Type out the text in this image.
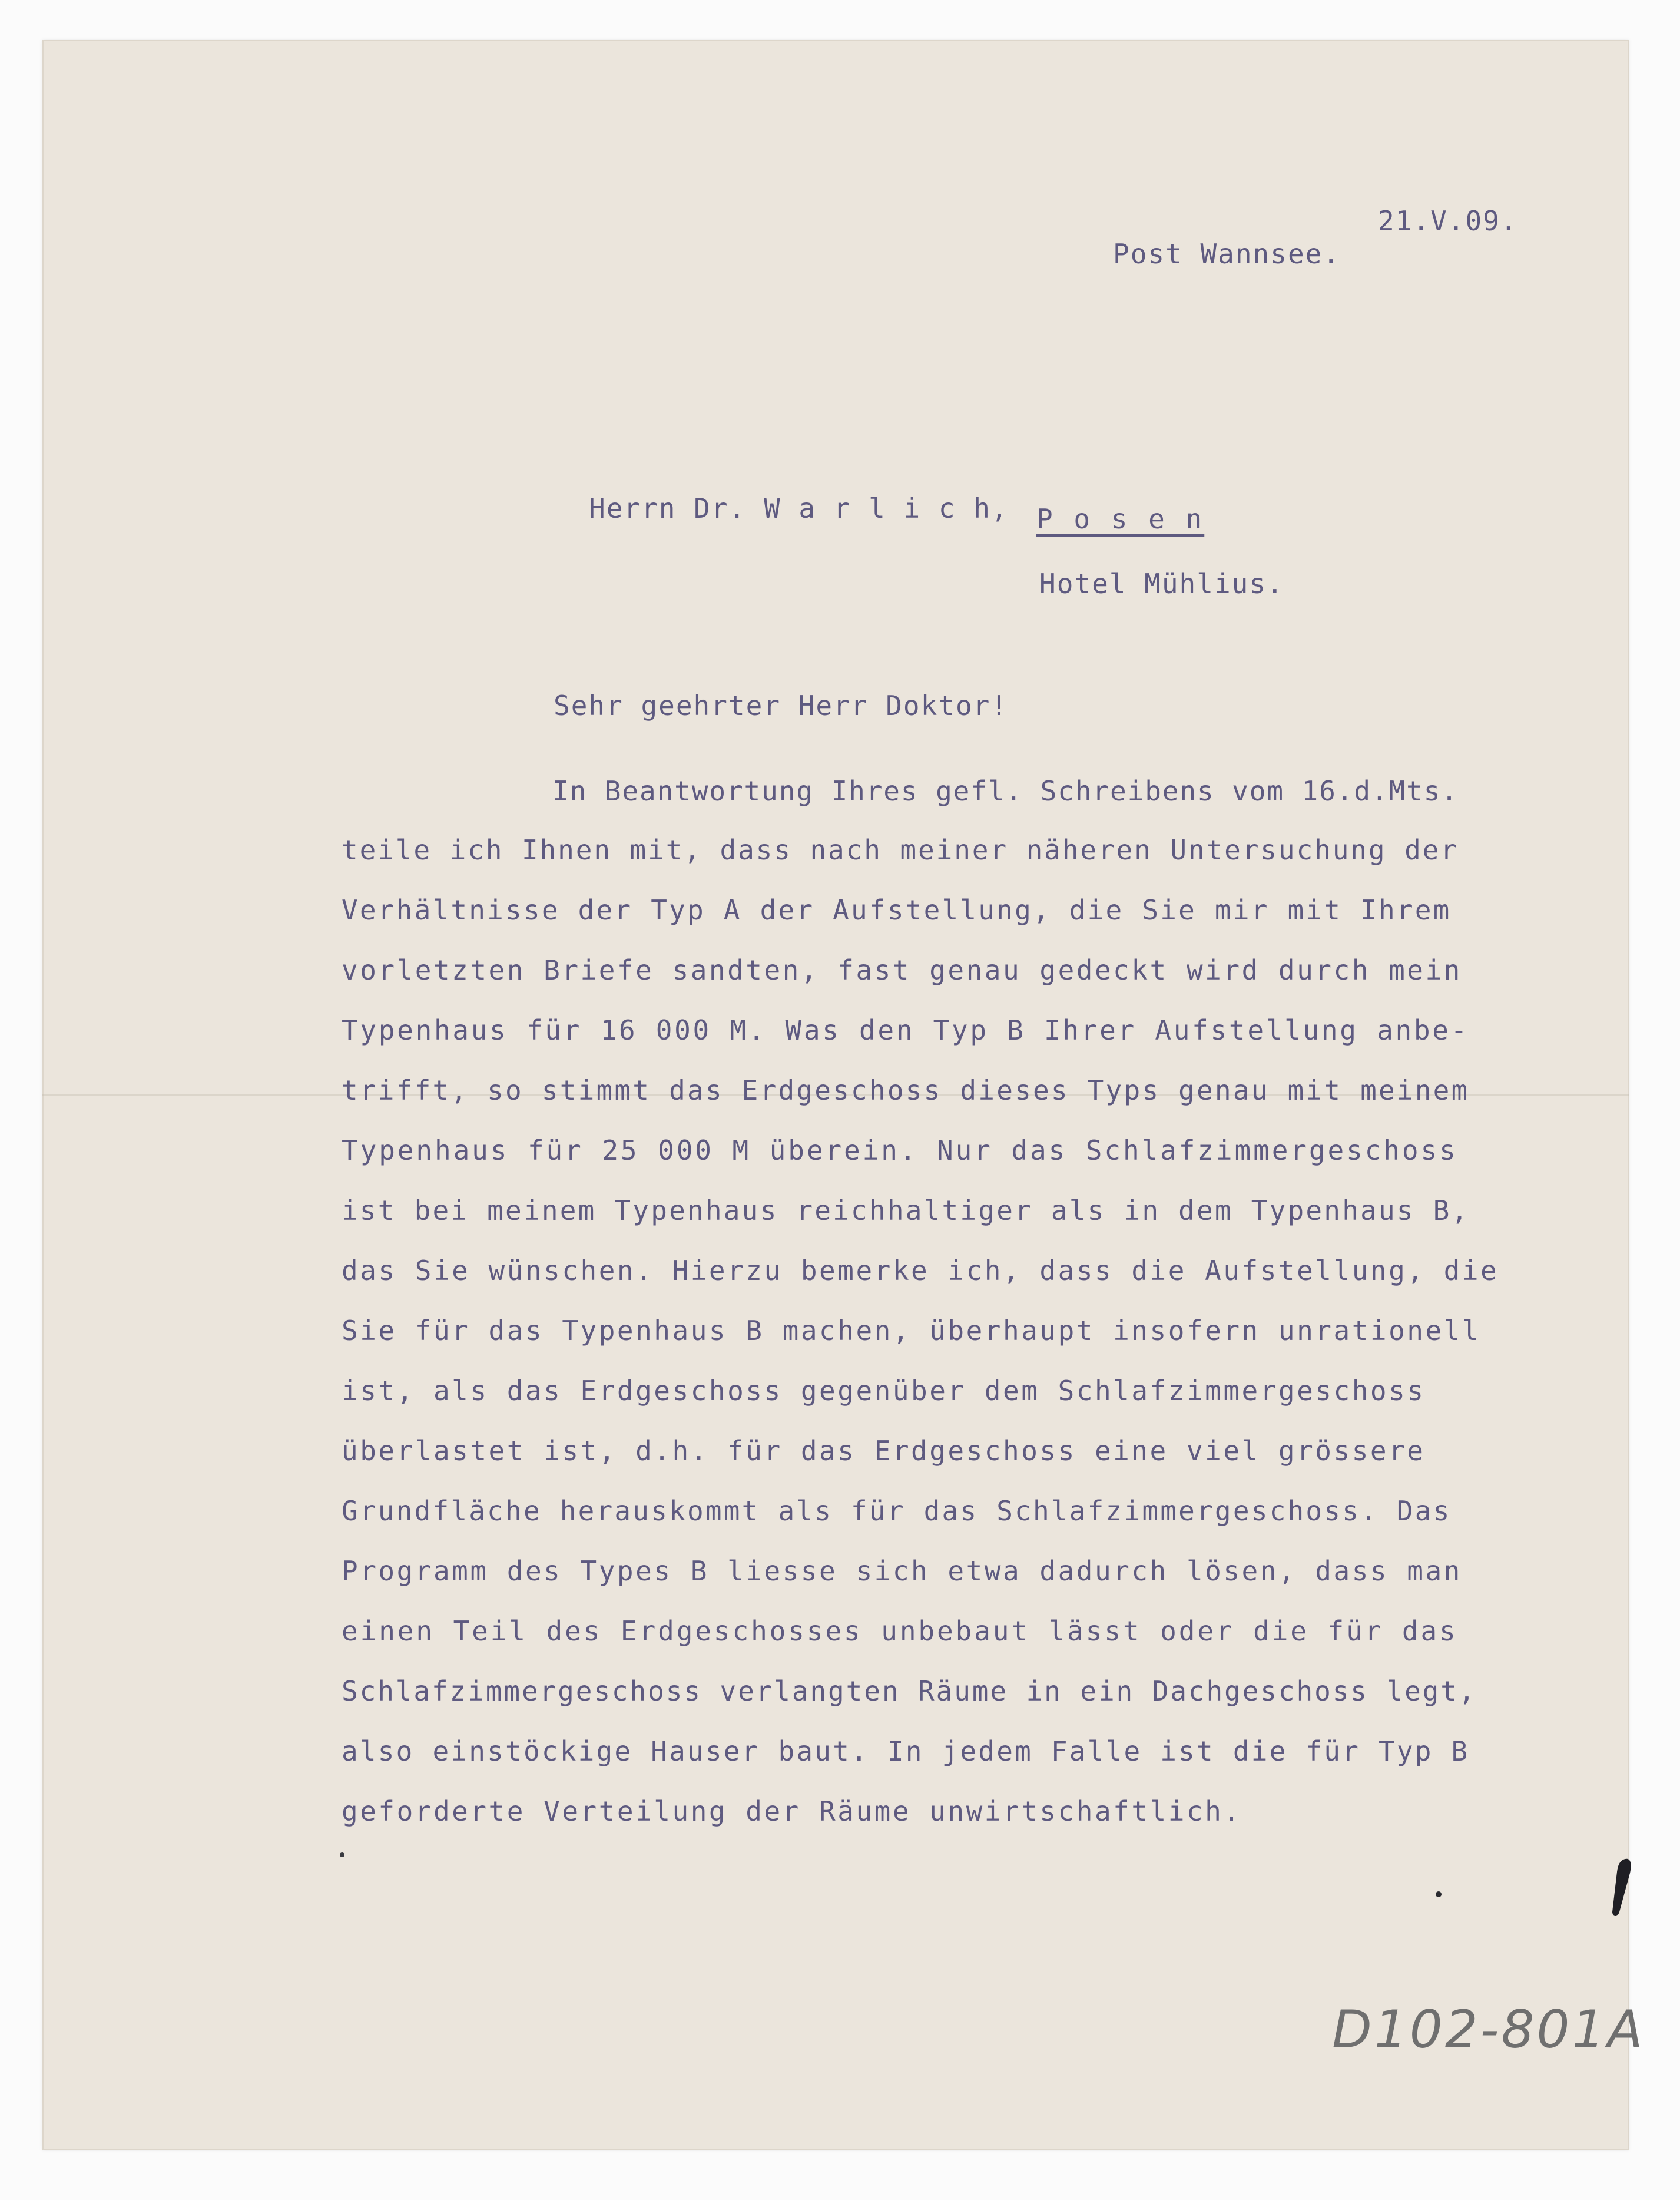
21.V.09.
Post Wannsee.
Herrn Dr. W a r l i c h, P o s e n
Hotel Mühlius.
Sehr geehrter Herr Doktor!
In Beantwortung Ihres gefl. Schreibens vom 16.d.Mts.
teile ich Ihnen mit, dass nach meiner näheren Untersuchung der
Verhältnisse der Typ A der Aufstellung, die Sie mir mit Ihrem
vorletzten Briefe sandten, fast genau gedeckt wird durch mein
Typenhaus für 16 000 M. Was den Typ B Ihrer Aufstellung anbe-
trifft, so stimmt das Erdgeschoss dieses Typs genau mit meinem
Typenhaus für 25 000 M überein. Nur das Schlafzimmergeschoss
ist bei meinem Typenhaus reichhaltiger als in dem Typenhaus B,
das Sie wünschen. Hierzu bemerke ich, dass die Aufstellung, die
Sie für das Typenhaus B machen, überhaupt insofern unrationell
ist, als das Erdgeschoss gegenüber dem Schlafzimmergeschoss
überlastet ist, d.h. für das Erdgeschoss eine viel grössere
Grundfläche herauskommt als für das Schlafzimmergeschoss. Das
Programm des Types B liesse sich etwa dadurch lösen, dass man
einen Teil des Erdgeschosses unbebaut lässt oder die für das
Schlafzimmergeschoss verlangten Räume in ein Dachgeschoss legt,
also einstöckige Hauser baut. In jedem Falle ist die für Typ B
geforderte Verteilung der Räume unwirtschaftlich.
D102-801A
